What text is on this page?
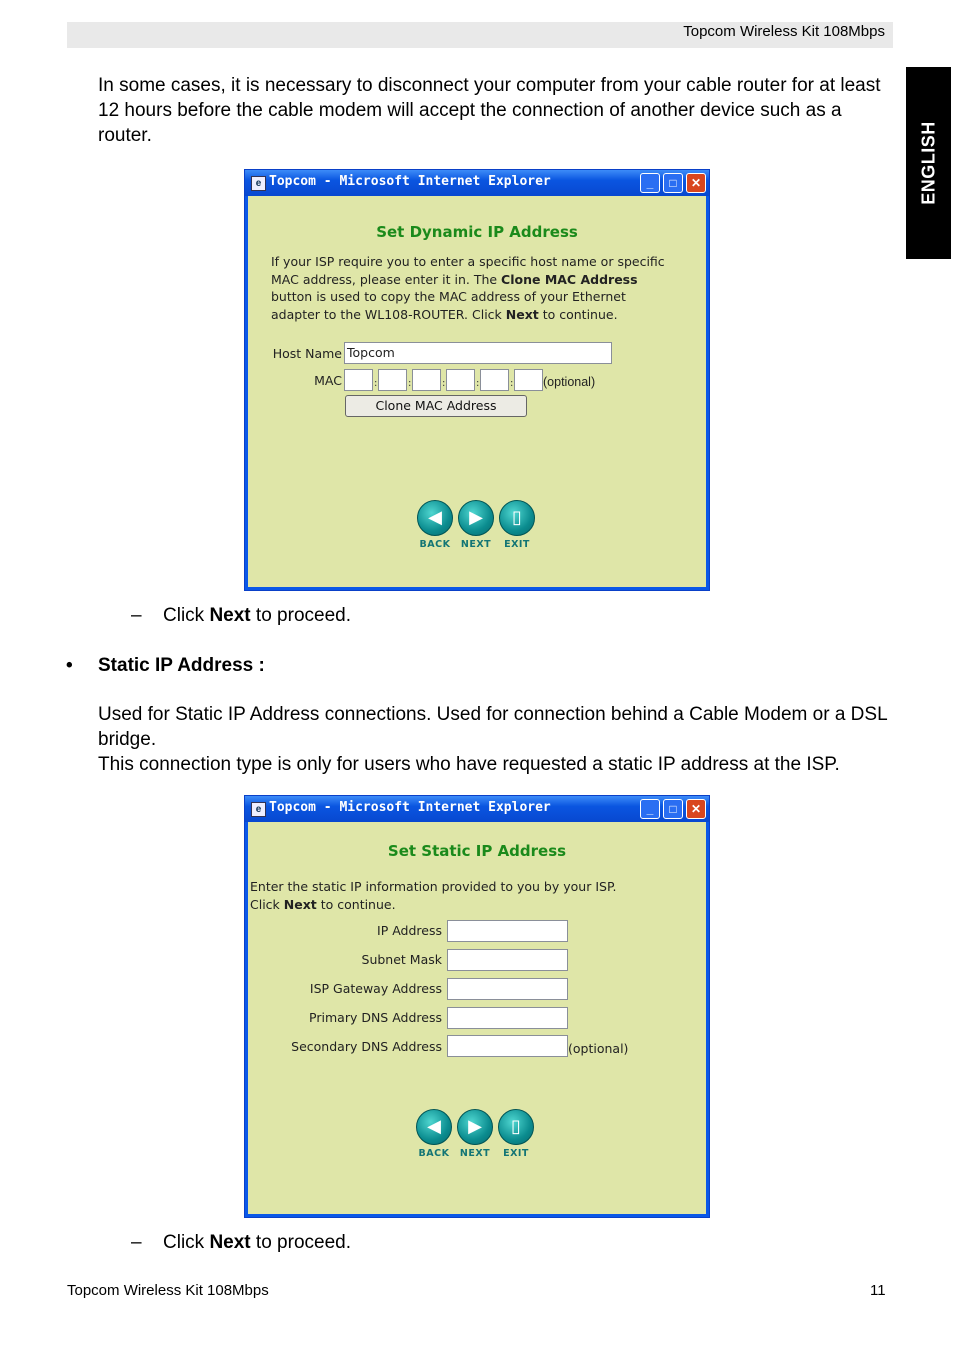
Topcom Wireless Kit 108Mbps
ENGLISH
In some cases, it is necessary to disconnect your computer from your cable router for at least 12 hours before the cable modem will accept the connection of another device such as a router.
e Topcom - Microsoft Internet Explorer	_	□	✕
Set Dynamic IP Address
If your ISP require you to enter a specific host name or specific MAC address, please enter it in. The Clone MAC Address button is used to copy the MAC address of your Ethernet adapter to the WL108-ROUTER. Click Next to continue.
Host Name Topcom
MAC	:	:	:	:	: (optional)
Clone MAC Address
◀
BACK
▶
NEXT
▯
EXIT
– Click Next to proceed.
• Static IP Address :
Used for Static IP Address connections. Used for connection behind a Cable Modem or a DSL bridge.
This connection type is only for users who have requested a static IP address at the ISP.
e Topcom - Microsoft Internet Explorer	_	□	✕
Set Static IP Address
Enter the static IP information provided to you by your ISP.
Click Next to continue.
IP Address
Subnet Mask
ISP Gateway Address
Primary DNS Address
Secondary DNS Address	(optional)
◀
BACK
▶
NEXT
▯
EXIT
– Click Next to proceed.
Topcom Wireless Kit 108Mbps	11
